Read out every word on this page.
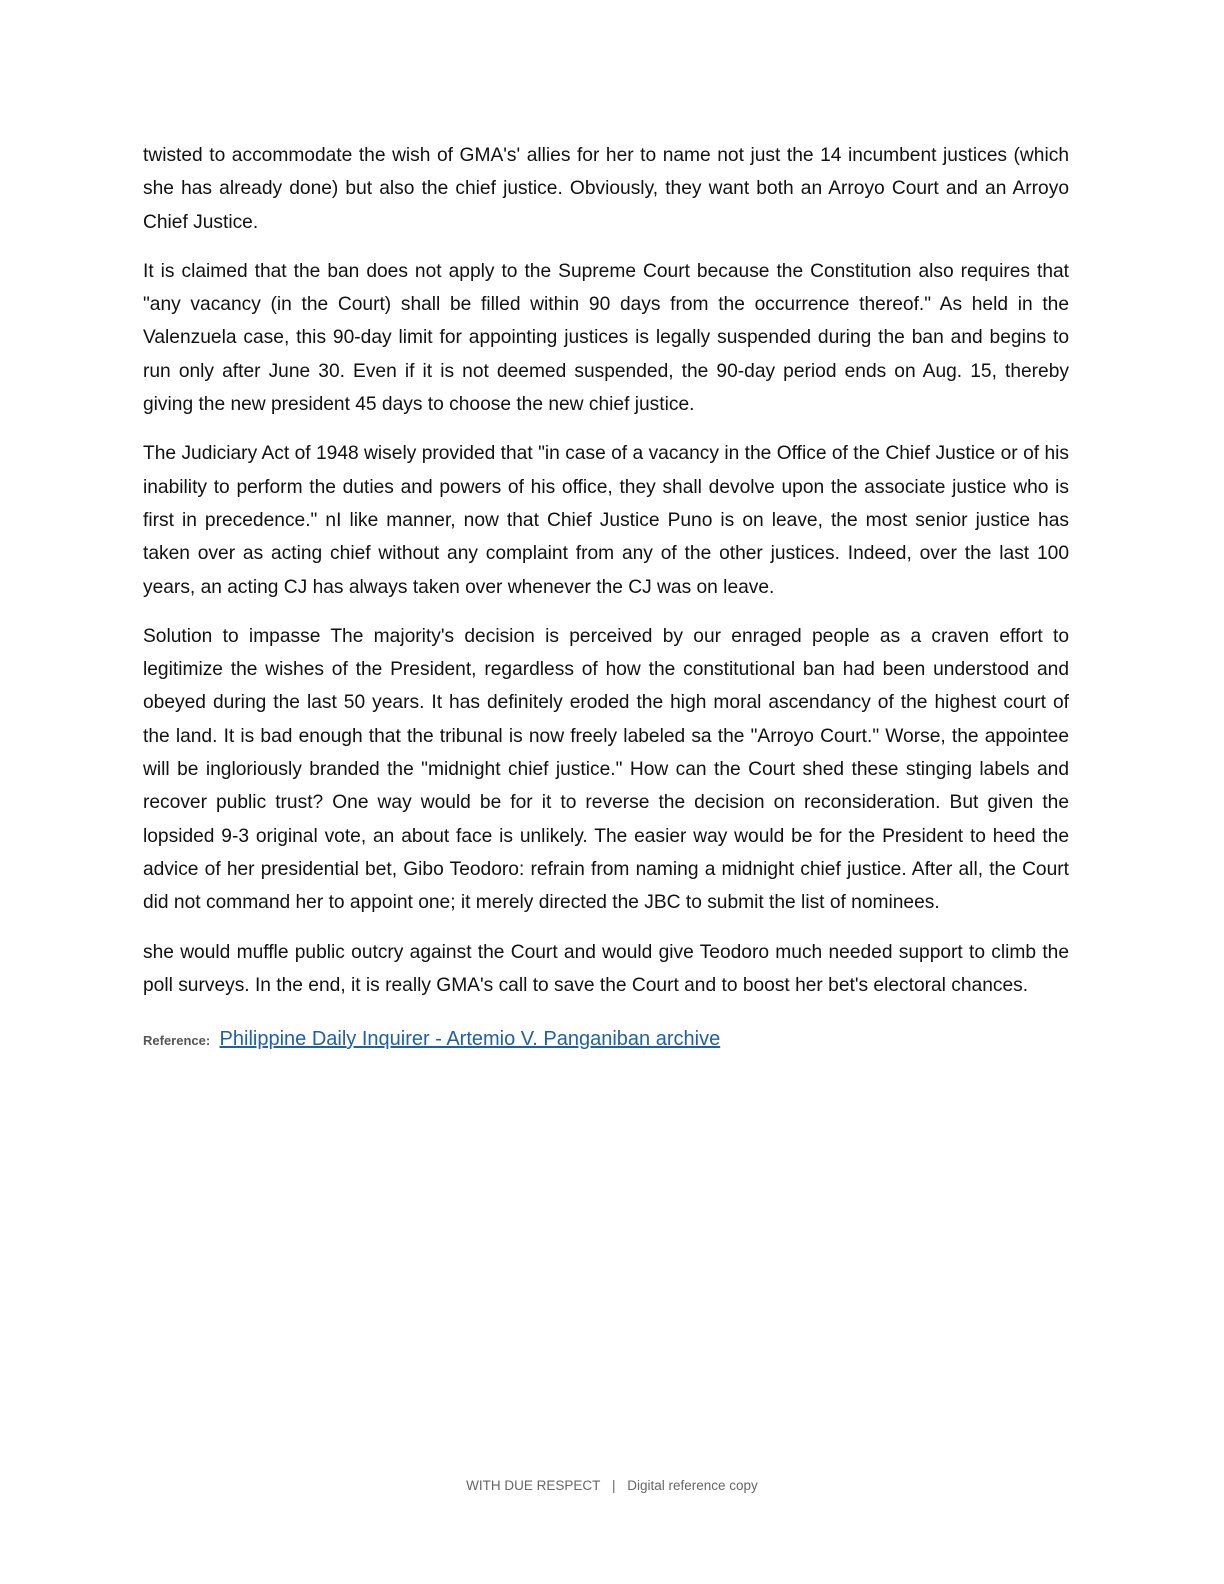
twisted to accommodate the wish of GMA's' allies for her to name not just the 14 incumbent justices (which she has already done) but also the chief justice. Obviously, they want both an Arroyo Court and an Arroyo Chief Justice.

It is claimed that the ban does not apply to the Supreme Court because the Constitution also requires that "any vacancy (in the Court) shall be filled within 90 days from the occurrence thereof." As held in the Valenzuela case, this 90-day limit for appointing justices is legally suspended during the ban and begins to run only after June 30. Even if it is not deemed suspended, the 90-day period ends on Aug. 15, thereby giving the new president 45 days to choose the new chief justice.

The Judiciary Act of 1948 wisely provided that "in case of a vacancy in the Office of the Chief Justice or of his inability to perform the duties and powers of his office, they shall devolve upon the associate justice who is first in precedence." nI like manner, now that Chief Justice Puno is on leave, the most senior justice has taken over as acting chief without any complaint from any of the other justices. Indeed, over the last 100 years, an acting CJ has always taken over whenever the CJ was on leave.

Solution to impasse The majority's decision is perceived by our enraged people as a craven effort to legitimize the wishes of the President, regardless of how the constitutional ban had been understood and obeyed during the last 50 years. It has definitely eroded the high moral ascendancy of the highest court of the land. It is bad enough that the tribunal is now freely labeled sa the "Arroyo Court." Worse, the appointee will be ingloriously branded the "midnight chief justice." How can the Court shed these stinging labels and recover public trust? One way would be for it to reverse the decision on reconsideration. But given the lopsided 9-3 original vote, an about face is unlikely. The easier way would be for the President to heed the advice of her presidential bet, Gibo Teodoro: refrain from naming a midnight chief justice. After all, the Court did not command her to appoint one; it merely directed the JBC to submit the list of nominees.

she would muffle public outcry against the Court and would give Teodoro much needed support to climb the poll surveys. In the end, it is really GMA's call to save the Court and to boost her bet's electoral chances.

Reference: Philippine Daily Inquirer - Artemio V. Panganiban archive
WITH DUE RESPECT | Digital reference copy
